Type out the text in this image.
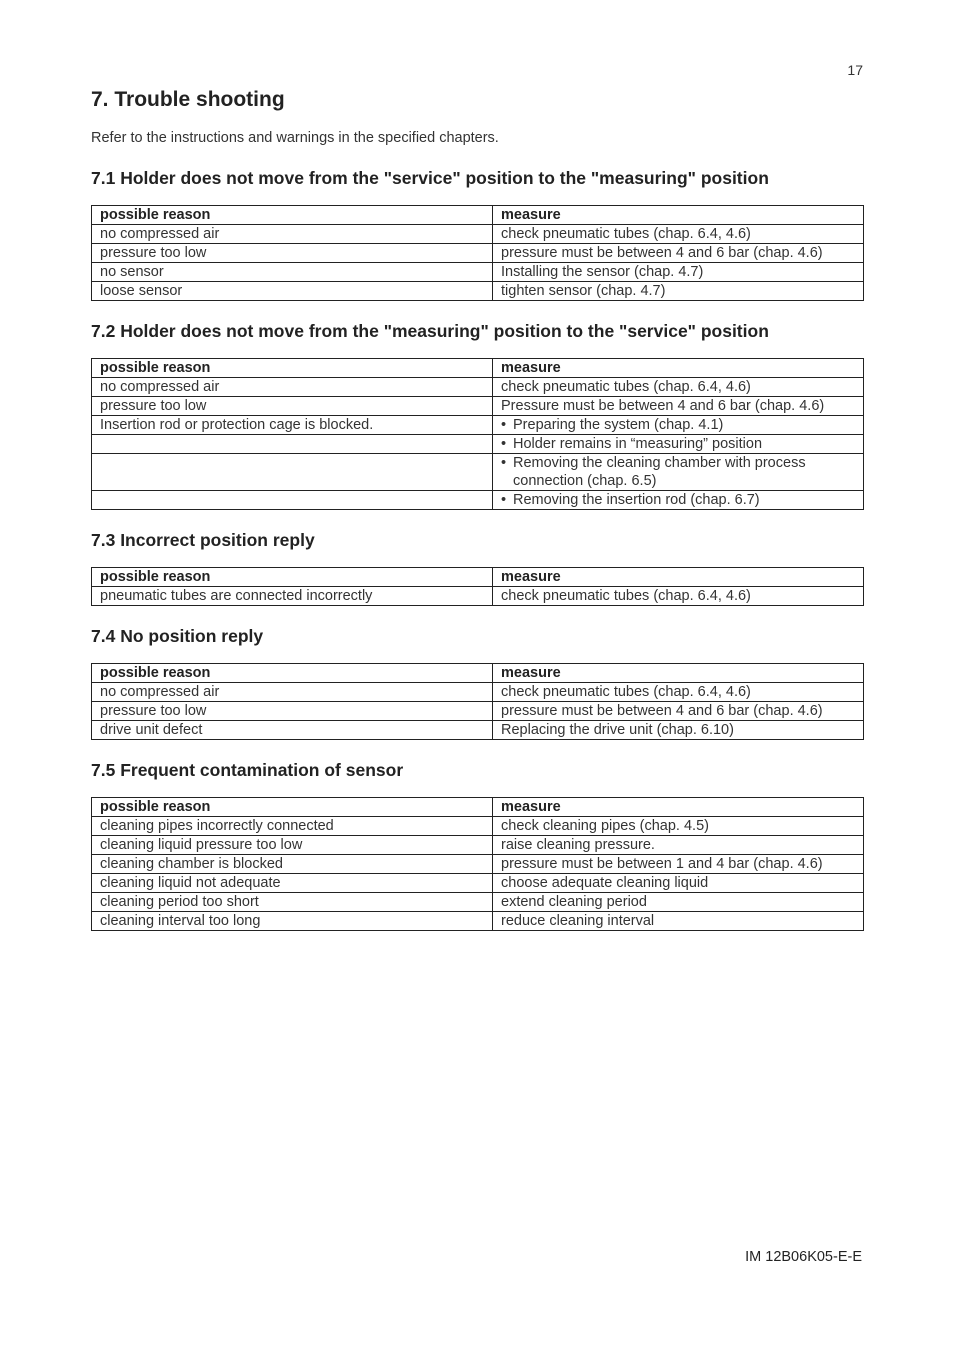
17
7. Trouble shooting

Refer to the instructions and warnings in the specified chapters.

7.1 Holder does not move from the "service" position to the "measuring" position
possible reason	measure
no compressed air	check pneumatic tubes (chap. 6.4, 4.6)
pressure too low	pressure must be between 4 and 6 bar (chap. 4.6)
no sensor	Installing the sensor (chap. 4.7)
loose sensor	tighten sensor (chap. 4.7)
7.2 Holder does not move from the "measuring" position to the "service" position
possible reason	measure
no compressed air	check pneumatic tubes (chap. 6.4, 4.6)
pressure too low	Pressure must be between 4 and 6 bar (chap. 4.6)
Insertion rod or protection cage is blocked.	• Preparing the system (chap. 4.1)

	• Holder remains in “measuring” position

	• Removing the cleaning chamber with process connection (chap. 6.5)

	• Removing the insertion rod (chap. 6.7)
7.3 Incorrect position reply
possible reason	measure
pneumatic tubes are connected incorrectly	check pneumatic tubes (chap. 6.4, 4.6)
7.4 No position reply
possible reason	measure
no compressed air	check pneumatic tubes (chap. 6.4, 4.6)
pressure too low	pressure must be between 4 and 6 bar (chap. 4.6)
drive unit defect	Replacing the drive unit (chap. 6.10)
7.5 Frequent contamination of sensor
possible reason	measure
cleaning pipes incorrectly connected	check cleaning pipes (chap. 4.5)
cleaning liquid pressure too low	raise cleaning pressure.
cleaning chamber is blocked	pressure must be between 1 and 4 bar (chap. 4.6)
cleaning liquid not adequate	choose adequate cleaning liquid
cleaning period too short	extend cleaning period
cleaning interval too long	reduce cleaning interval
IM 12B06K05-E-E
